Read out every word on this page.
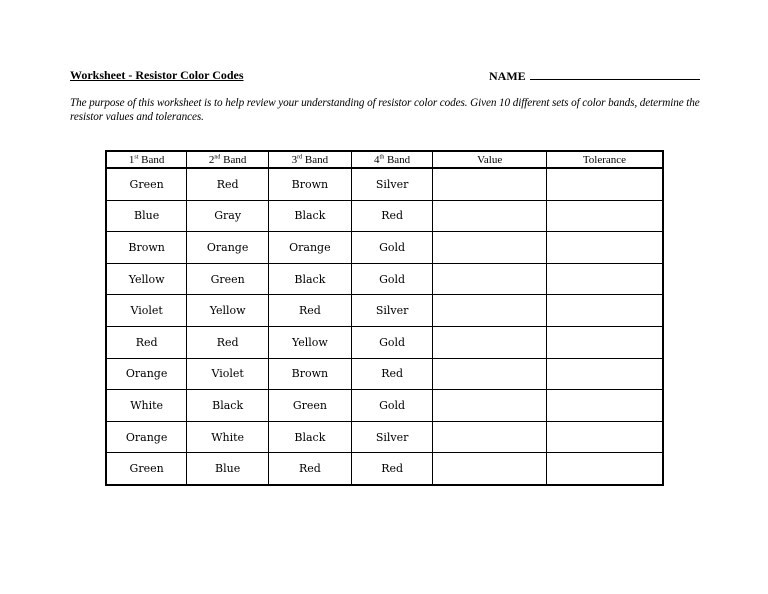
Worksheet - Resistor Color Codes	NAME
The purpose of this worksheet is to help review your understanding of resistor color codes. Given 10 different sets of color bands, determine the resistor values and tolerances.
1st Band	2nd Band	3rd Band	4th Band	Value	Tolerance
Green	Red	Brown	Silver		
Blue	Gray	Black	Red		
Brown	Orange	Orange	Gold		
Yellow	Green	Black	Gold		
Violet	Yellow	Red	Silver		
Red	Red	Yellow	Gold		
Orange	Violet	Brown	Red		
White	Black	Green	Gold		
Orange	White	Black	Silver		
Green	Blue	Red	Red		
